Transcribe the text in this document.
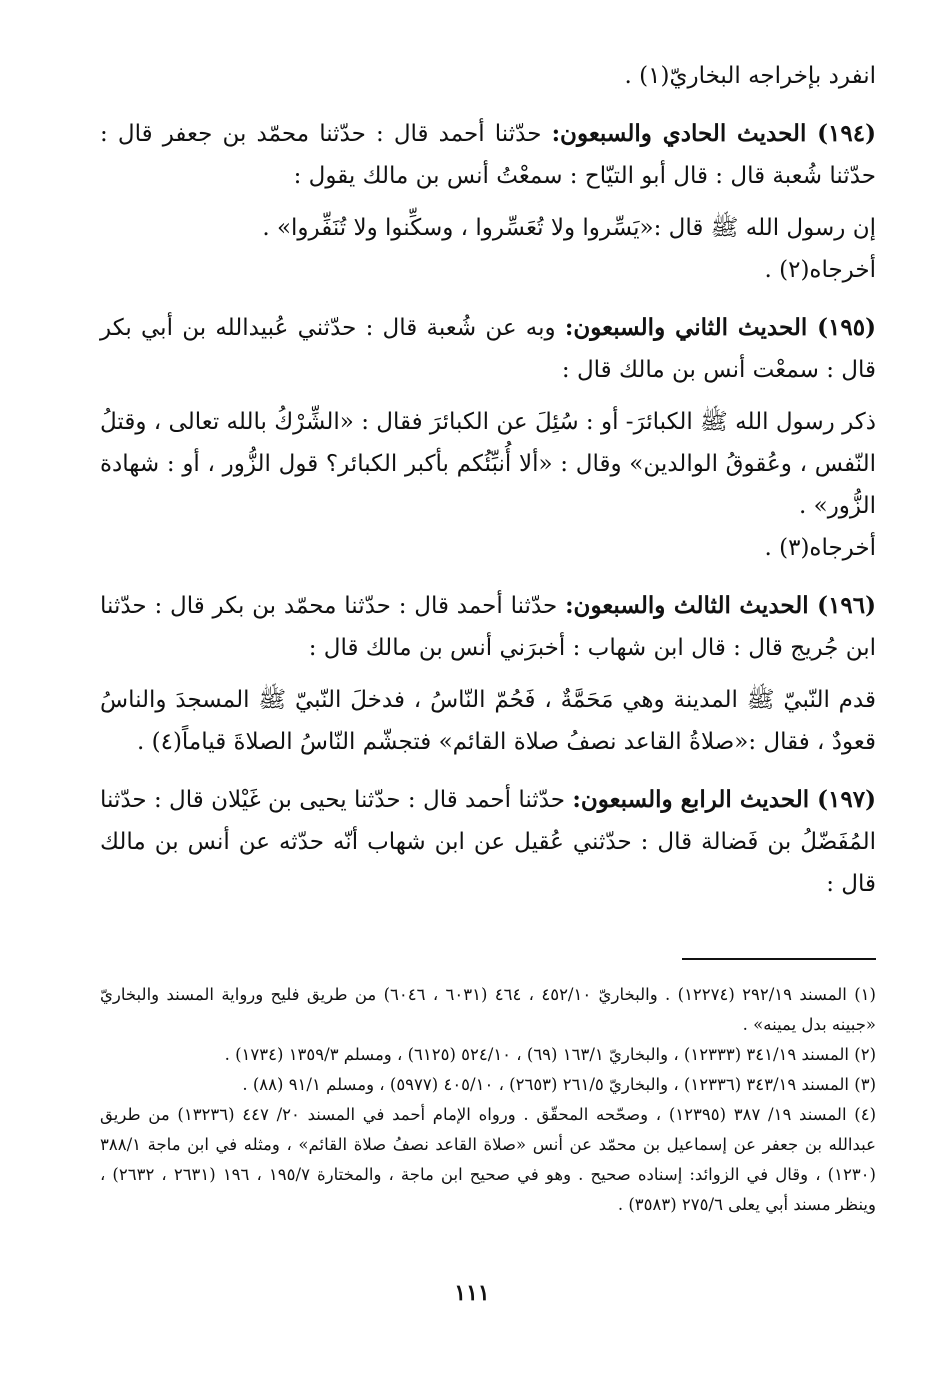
انفرد بإخراجه البخاريّ(١) .

(١٩٤) الحديث الحادي والسبعون: حدّثنا أحمد قال : حدّثنا محمّد بن جعفر قال : حدّثنا شُعبة قال : قال أبو التيّاح : سمعْتُ أنس بن مالك يقول :

إن رسول الله ﷺ قال :«يَسِّروا ولا تُعَسِّروا ، وسكِّنوا ولا تُنَفِّروا» .

أخرجاه(٢) .

(١٩٥) الحديث الثاني والسبعون: وبه عن شُعبة قال : حدّثني عُبيدالله بن أبي بكر قال : سمعْت أنس بن مالك قال :

ذكر رسول الله ﷺ الكبائرَ- أو : سُئِلَ عن الكبائرَ فقال : «الشِّرْكُ بالله تعالى ، وقتلُ النّفس ، وعُقوقُ الوالدين» وقال : «ألا أُنبِّئُكم بأكبر الكبائر؟ قول الزُّور ، أو : شهادة الزُّور» .

أخرجاه(٣) .

(١٩٦) الحديث الثالث والسبعون: حدّثنا أحمد قال : حدّثنا محمّد بن بكر قال : حدّثنا ابن جُريج قال : قال ابن شهاب : أخبرَني أنس بن مالك قال :

قدم النّبيّ ﷺ المدينة وهي مَحَمَّةٌ ، فَحُمّ النّاسُ ، فدخلَ النّبيّ ﷺ المسجدَ والناسُ قعودٌ ، فقال :«صلاةُ القاعد نصفُ صلاة القائم» فتجشّم النّاسُ الصلاةَ قياماً(٤) .

(١٩٧) الحديث الرابع والسبعون: حدّثنا أحمد قال : حدّثنا يحيى بن غَيْلان قال : حدّثنا المُفَضّلُ بن فَضالة قال : حدّثني عُقيل عن ابن شهاب أنّه حدّثه عن أنس بن مالك قال :

(١) المسند ٢٩٢/١٩ (١٢٢٧٤) . والبخاريّ ٤٥٢/١٠ ، ٤٦٤ (٦٠٣١ ، ٦٠٤٦) من طريق فليح ورواية المسند والبخاريّ «جبينه بدل يمينه» .

(٢) المسند ٣٤١/١٩ (١٢٣٣٣) ، والبخاريّ ١٦٣/١ (٦٩) ، ٥٢٤/١٠ (٦١٢٥) ، ومسلم ١٣٥٩/٣ (١٧٣٤) .

(٣) المسند ٣٤٣/١٩ (١٢٣٣٦) ، والبخاريّ ٢٦١/٥ (٢٦٥٣) ، ٤٠٥/١٠ (٥٩٧٧) ، ومسلم ٩١/١ (٨٨) .

(٤) المسند ١٩/ ٣٨٧ (١٢٣٩٥) ، وصحّحه المحقّق . ورواه الإمام أحمد في المسند ٢٠/ ٤٤٧ (١٣٢٣٦) من طريق عبدالله بن جعفر عن إسماعيل بن محمّد عن أنس «صلاة القاعد نصفُ صلاة القائم» ، ومثله في ابن ماجة ٣٨٨/١ (١٢٣٠) ، وقال في الزوائد: إسناده صحيح . وهو في صحيح ابن ماجة ، والمختارة ١٩٥/٧ ، ١٩٦ (٢٦٣١ ، ٢٦٣٢) ، وينظر مسند أبي يعلى ٢٧٥/٦ (٣٥٨٣) .

١١١
